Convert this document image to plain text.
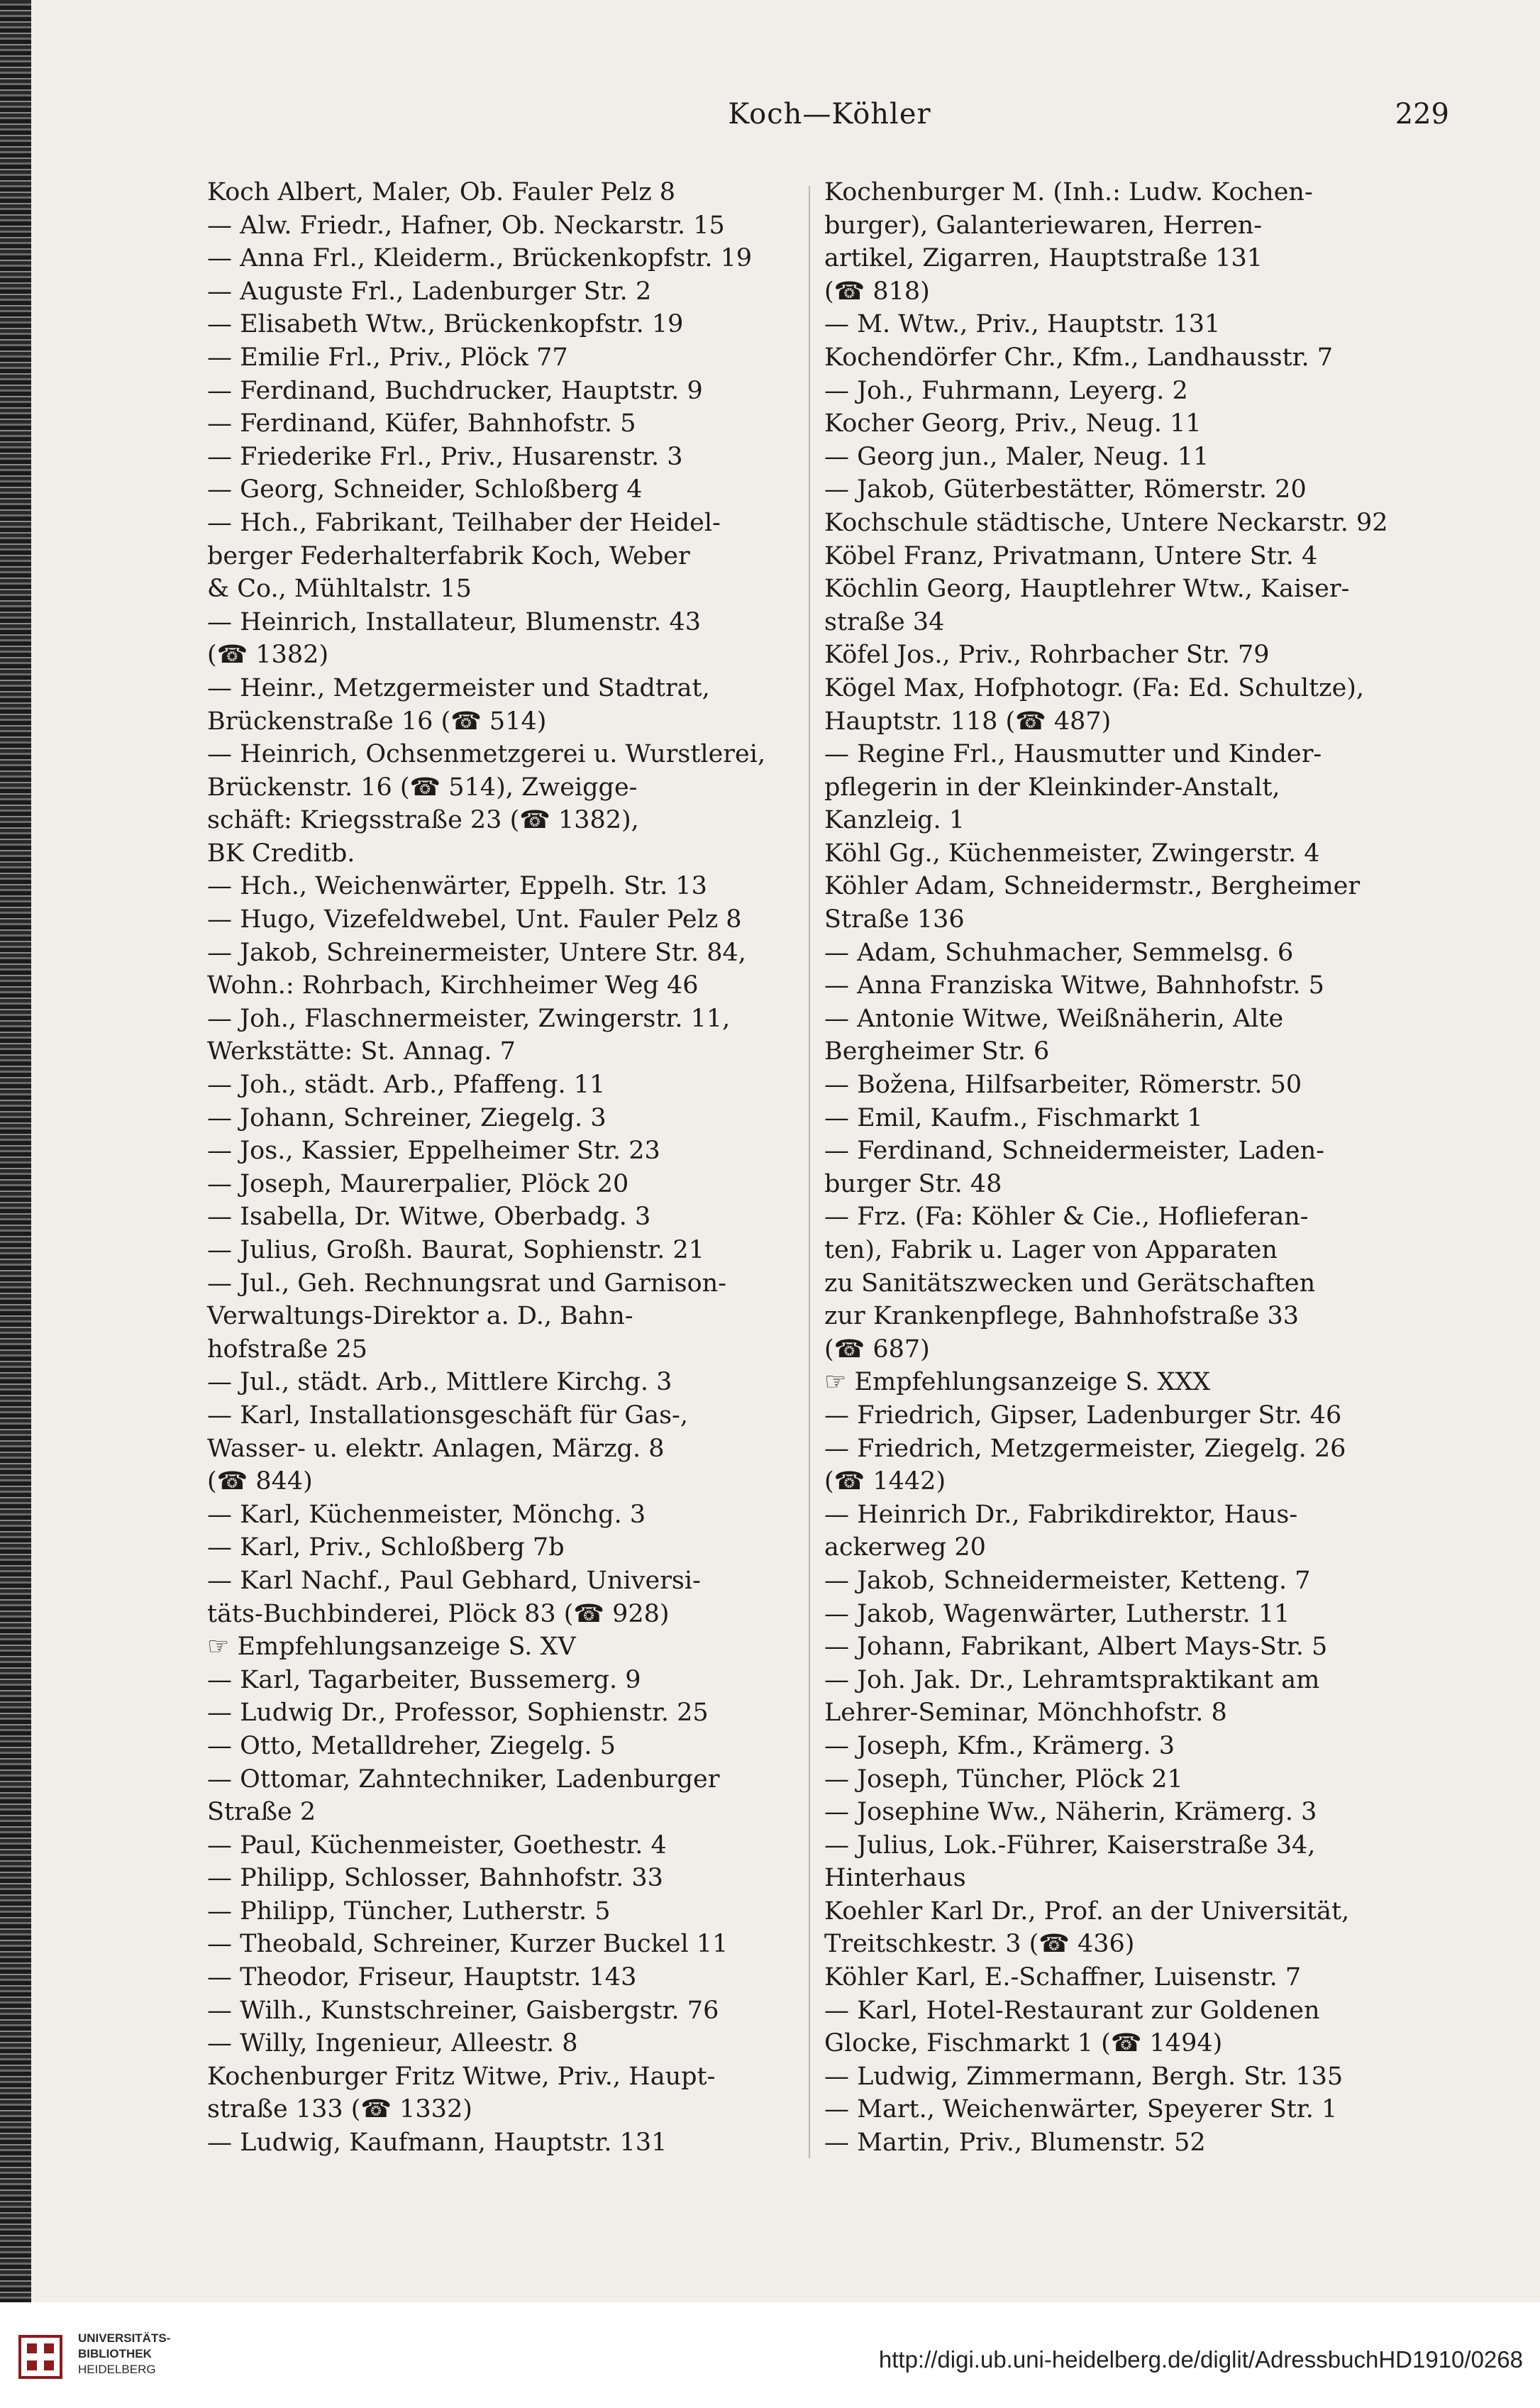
Koch—Köhler	229
Koch Albert, Maler, Ob. Fauler Pelz 8
— Alw. Friedr., Hafner, Ob. Neckarstr. 15
— Anna Frl., Kleiderm., Brückenkopfstr. 19
— Auguste Frl., Ladenburger Str. 2
— Elisabeth Wtw., Brückenkopfstr. 19
— Emilie Frl., Priv., Plöck 77
— Ferdinand, Buchdrucker, Hauptstr. 9
— Ferdinand, Küfer, Bahnhofstr. 5
— Friederike Frl., Priv., Husarenstr. 3
— Georg, Schneider, Schloßberg 4
— Hch., Fabrikant, Teilhaber der Heidel-
berger Federhalterfabrik Koch, Weber
& Co., Mühltalstr. 15
— Heinrich, Installateur, Blumenstr. 43
(☎ 1382)
— Heinr., Metzgermeister und Stadtrat,
Brückenstraße 16 (☎ 514)
— Heinrich, Ochsenmetzgerei u. Wurstlerei,
Brückenstr. 16 (☎ 514), Zweigge-
schäft: Kriegsstraße 23 (☎ 1382),
BK Creditb.
— Hch., Weichenwärter, Eppelh. Str. 13
— Hugo, Vizefeldwebel, Unt. Fauler Pelz 8
— Jakob, Schreinermeister, Untere Str. 84,
Wohn.: Rohrbach, Kirchheimer Weg 46
— Joh., Flaschnermeister, Zwingerstr. 11,
Werkstätte: St. Annag. 7
— Joh., städt. Arb., Pfaffeng. 11
— Johann, Schreiner, Ziegelg. 3
— Jos., Kassier, Eppelheimer Str. 23
— Joseph, Maurerpalier, Plöck 20
— Isabella, Dr. Witwe, Oberbadg. 3
— Julius, Großh. Baurat, Sophienstr. 21
— Jul., Geh. Rechnungsrat und Garnison-
Verwaltungs-Direktor a. D., Bahn-
hofstraße 25
— Jul., städt. Arb., Mittlere Kirchg. 3
— Karl, Installationsgeschäft für Gas-,
Wasser- u. elektr. Anlagen, Märzg. 8
(☎ 844)
— Karl, Küchenmeister, Mönchg. 3
— Karl, Priv., Schloßberg 7b
— Karl Nachf., Paul Gebhard, Universi-
täts-Buchbinderei, Plöck 83 (☎ 928)
☞ Empfehlungsanzeige S. XV
— Karl, Tagarbeiter, Bussemerg. 9
— Ludwig Dr., Professor, Sophienstr. 25
— Otto, Metalldreher, Ziegelg. 5
— Ottomar, Zahntechniker, Ladenburger
Straße 2
— Paul, Küchenmeister, Goethestr. 4
— Philipp, Schlosser, Bahnhofstr. 33
— Philipp, Tüncher, Lutherstr. 5
— Theobald, Schreiner, Kurzer Buckel 11
— Theodor, Friseur, Hauptstr. 143
— Wilh., Kunstschreiner, Gaisbergstr. 76
— Willy, Ingenieur, Alleestr. 8
Kochenburger Fritz Witwe, Priv., Haupt-
straße 133 (☎ 1332)
— Ludwig, Kaufmann, Hauptstr. 131
Kochenburger M. (Inh.: Ludw. Kochen-
burger), Galanteriewaren, Herren-
artikel, Zigarren, Hauptstraße 131
(☎ 818)
— M. Wtw., Priv., Hauptstr. 131
Kochendörfer Chr., Kfm., Landhausstr. 7
— Joh., Fuhrmann, Leyerg. 2
Kocher Georg, Priv., Neug. 11
— Georg jun., Maler, Neug. 11
— Jakob, Güterbestätter, Römerstr. 20
Kochschule städtische, Untere Neckarstr. 92
Köbel Franz, Privatmann, Untere Str. 4
Köchlin Georg, Hauptlehrer Wtw., Kaiser-
straße 34
Köfel Jos., Priv., Rohrbacher Str. 79
Kögel Max, Hofphotogr. (Fa: Ed. Schultze),
Hauptstr. 118 (☎ 487)
— Regine Frl., Hausmutter und Kinder-
pflegerin in der Kleinkinder-Anstalt,
Kanzleig. 1
Köhl Gg., Küchenmeister, Zwingerstr. 4
Köhler Adam, Schneidermstr., Bergheimer
Straße 136
— Adam, Schuhmacher, Semmelsg. 6
— Anna Franziska Witwe, Bahnhofstr. 5
— Antonie Witwe, Weißnäherin, Alte
Bergheimer Str. 6
— Božena, Hilfsarbeiter, Römerstr. 50
— Emil, Kaufm., Fischmarkt 1
— Ferdinand, Schneidermeister, Laden-
burger Str. 48
— Frz. (Fa: Köhler & Cie., Hoflieferan-
ten), Fabrik u. Lager von Apparaten
zu Sanitätszwecken und Gerätschaften
zur Krankenpflege, Bahnhofstraße 33
(☎ 687)
☞ Empfehlungsanzeige S. XXX
— Friedrich, Gipser, Ladenburger Str. 46
— Friedrich, Metzgermeister, Ziegelg. 26
(☎ 1442)
— Heinrich Dr., Fabrikdirektor, Haus-
ackerweg 20
— Jakob, Schneidermeister, Ketteng. 7
— Jakob, Wagenwärter, Lutherstr. 11
— Johann, Fabrikant, Albert Mays-Str. 5
— Joh. Jak. Dr., Lehramtspraktikant am
Lehrer-Seminar, Mönchhofstr. 8
— Joseph, Kfm., Krämerg. 3
— Joseph, Tüncher, Plöck 21
— Josephine Ww., Näherin, Krämerg. 3
— Julius, Lok.-Führer, Kaiserstraße 34,
Hinterhaus
Koehler Karl Dr., Prof. an der Universität,
Treitschkestr. 3 (☎ 436)
Köhler Karl, E.-Schaffner, Luisenstr. 7
— Karl, Hotel-Restaurant zur Goldenen
Glocke, Fischmarkt 1 (☎ 1494)
— Ludwig, Zimmermann, Bergh. Str. 135
— Mart., Weichenwärter, Speyerer Str. 1
— Martin, Priv., Blumenstr. 52
UNIVERSITÄTS-
BIBLIOTHEK
HEIDELBERG	http://digi.ub.uni-heidelberg.de/diglit/AdressbuchHD1910/0268
